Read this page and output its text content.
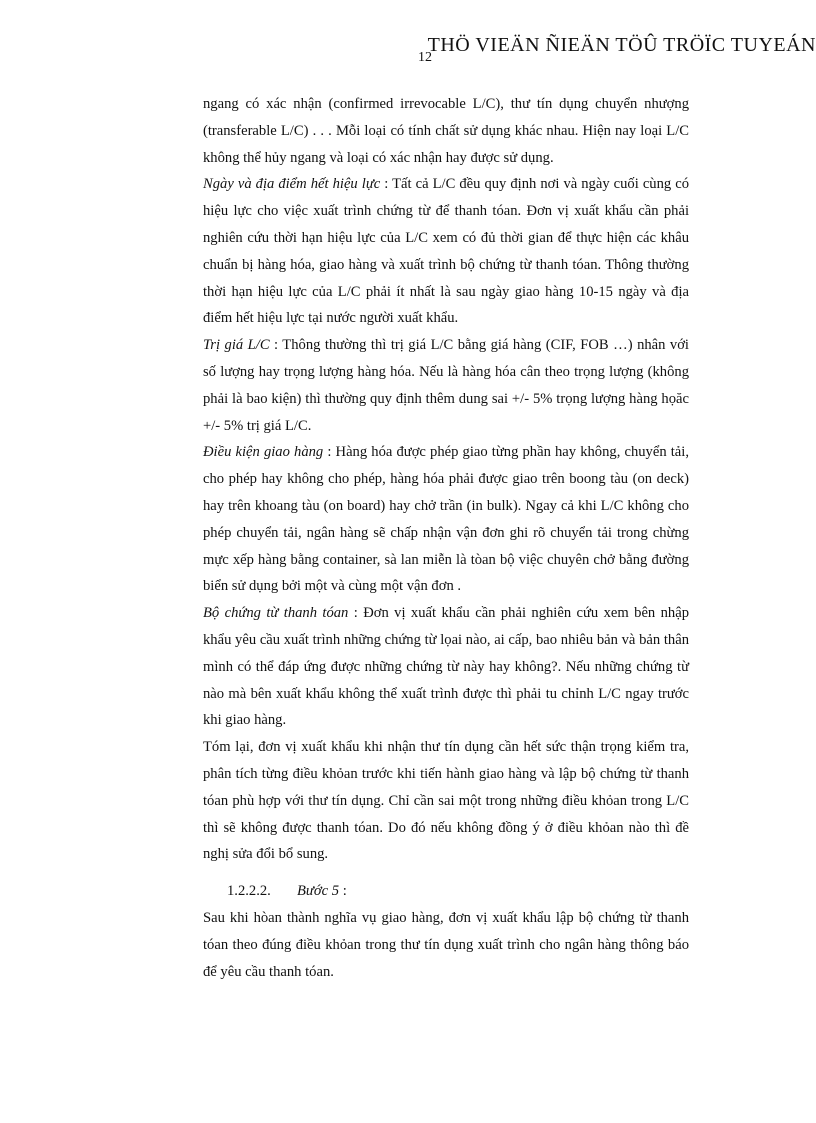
THÖ VIEÄN ÑIEÄN TÖÛ TRÖÏC TUYEÁN
12

ngang có xác nhận (confirmed irrevocable L/C), thư tín dụng chuyển nhượng (transferable L/C) . . . Mỗi loại có tính chất sử dụng khác nhau. Hiện nay loại L/C không thể hủy ngang và loại có xác nhận hay được sử dụng.

Ngày và địa điểm hết hiệu lực : Tất cả L/C đều quy định nơi và ngày cuối cùng có hiệu lực cho việc xuất trình chứng từ để thanh tóan. Đơn vị xuất khẩu cần phải nghiên cứu thời hạn hiệu lực của L/C xem có đủ thời gian để thực hiện các khâu chuẩn bị hàng hóa, giao hàng và xuất trình bộ chứng từ thanh tóan. Thông thường thời hạn hiệu lực của L/C phải ít nhất là sau ngày giao hàng 10-15 ngày và địa điểm hết hiệu lực tại nước người xuất khẩu.

Trị giá L/C : Thông thường thì trị giá L/C bằng giá hàng (CIF, FOB …) nhân với số lượng hay trọng lượng hàng hóa. Nếu là hàng hóa cân theo trọng lượng (không phải là bao kiện) thì thường quy định thêm dung sai +/- 5% trọng lượng hàng họăc +/- 5% trị giá L/C.

Điều kiện giao hàng : Hàng hóa được phép giao từng phần hay không, chuyển tải, cho phép hay không cho phép, hàng hóa phải được giao trên boong tàu (on deck) hay trên khoang tàu (on board) hay chở trần (in bulk). Ngay cả khi L/C không cho phép chuyển tải, ngân hàng sẽ chấp nhận vận đơn ghi rõ chuyển tải trong chừng mực xếp hàng bằng container, sà lan miễn là tòan bộ việc chuyên chở bằng đường biển sử dụng bởi một và cùng một vận đơn .

Bộ chứng từ thanh tóan : Đơn vị xuất khẩu cần phải nghiên cứu xem bên nhập khẩu yêu cầu xuất trình những chứng từ lọai nào, ai cấp, bao nhiêu bản và bản thân mình có thể đáp ứng được những chứng từ này hay không?. Nếu những chứng từ nào mà bên xuất khẩu không thể xuất trình được thì phải tu chỉnh L/C ngay trước khi giao hàng.

Tóm lại, đơn vị xuất khẩu khi nhận thư tín dụng cần hết sức thận trọng kiểm tra, phân tích từng điều khỏan trước khi tiến hành giao hàng và lập bộ chứng từ thanh tóan phù hợp với thư tín dụng. Chỉ cần sai một trong những điều khỏan trong L/C thì sẽ không được thanh tóan. Do đó nếu không đồng ý ở điều khỏan nào thì đề nghị sửa đổi bổ sung.

1.2.2.2. Bước 5 :

Sau khi hòan thành nghĩa vụ giao hàng, đơn vị xuất khẩu lập bộ chứng từ thanh tóan theo đúng điều khỏan trong thư tín dụng xuất trình cho ngân hàng thông báo để yêu cầu thanh tóan.
